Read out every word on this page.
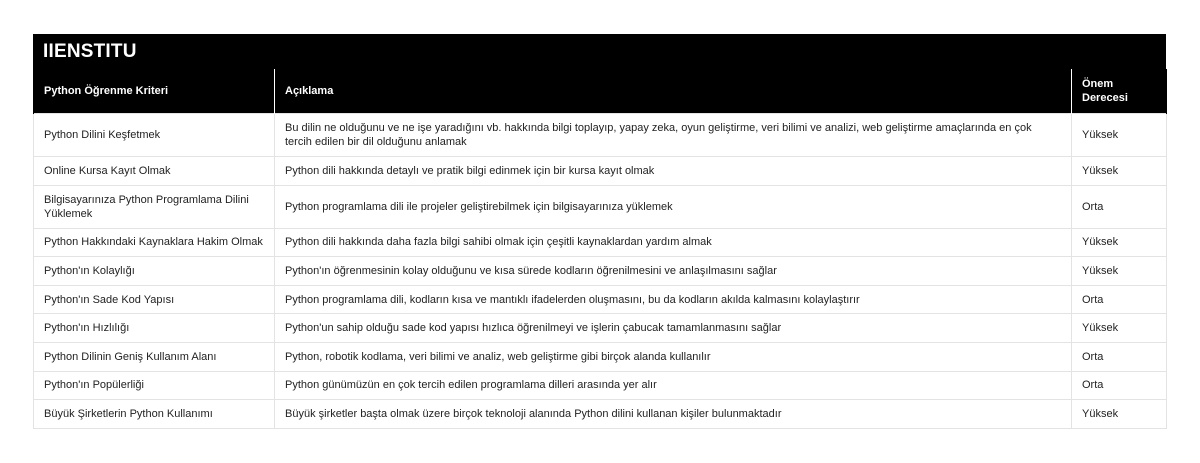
IIENSTITU
Python Öğrenme Kriteri	Açıklama	Önem Derecesi
Python Dilini Keşfetmek	Bu dilin ne olduğunu ve ne işe yaradığını vb. hakkında bilgi toplayıp, yapay zeka, oyun geliştirme, veri bilimi ve analizi, web geliştirme amaçlarında en çok tercih edilen bir dil olduğunu anlamak	Yüksek
Online Kursa Kayıt Olmak	Python dili hakkında detaylı ve pratik bilgi edinmek için bir kursa kayıt olmak	Yüksek
Bilgisayarınıza Python Programlama Dilini Yüklemek	Python programlama dili ile projeler geliştirebilmek için bilgisayarınıza yüklemek	Orta
Python Hakkındaki Kaynaklara Hakim Olmak	Python dili hakkında daha fazla bilgi sahibi olmak için çeşitli kaynaklardan yardım almak	Yüksek
Python'ın Kolaylığı	Python'ın öğrenmesinin kolay olduğunu ve kısa sürede kodların öğrenilmesini ve anlaşılmasını sağlar	Yüksek
Python'ın Sade Kod Yapısı	Python programlama dili, kodların kısa ve mantıklı ifadelerden oluşmasını, bu da kodların akılda kalmasını kolaylaştırır	Orta
Python'ın Hızlılığı	Python'un sahip olduğu sade kod yapısı hızlıca öğrenilmeyi ve işlerin çabucak tamamlanmasını sağlar	Yüksek
Python Dilinin Geniş Kullanım Alanı	Python, robotik kodlama, veri bilimi ve analiz, web geliştirme gibi birçok alanda kullanılır	Orta
Python'ın Popülerliği	Python günümüzün en çok tercih edilen programlama dilleri arasında yer alır	Orta
Büyük Şirketlerin Python Kullanımı	Büyük şirketler başta olmak üzere birçok teknoloji alanında Python dilini kullanan kişiler bulunmaktadır	Yüksek
